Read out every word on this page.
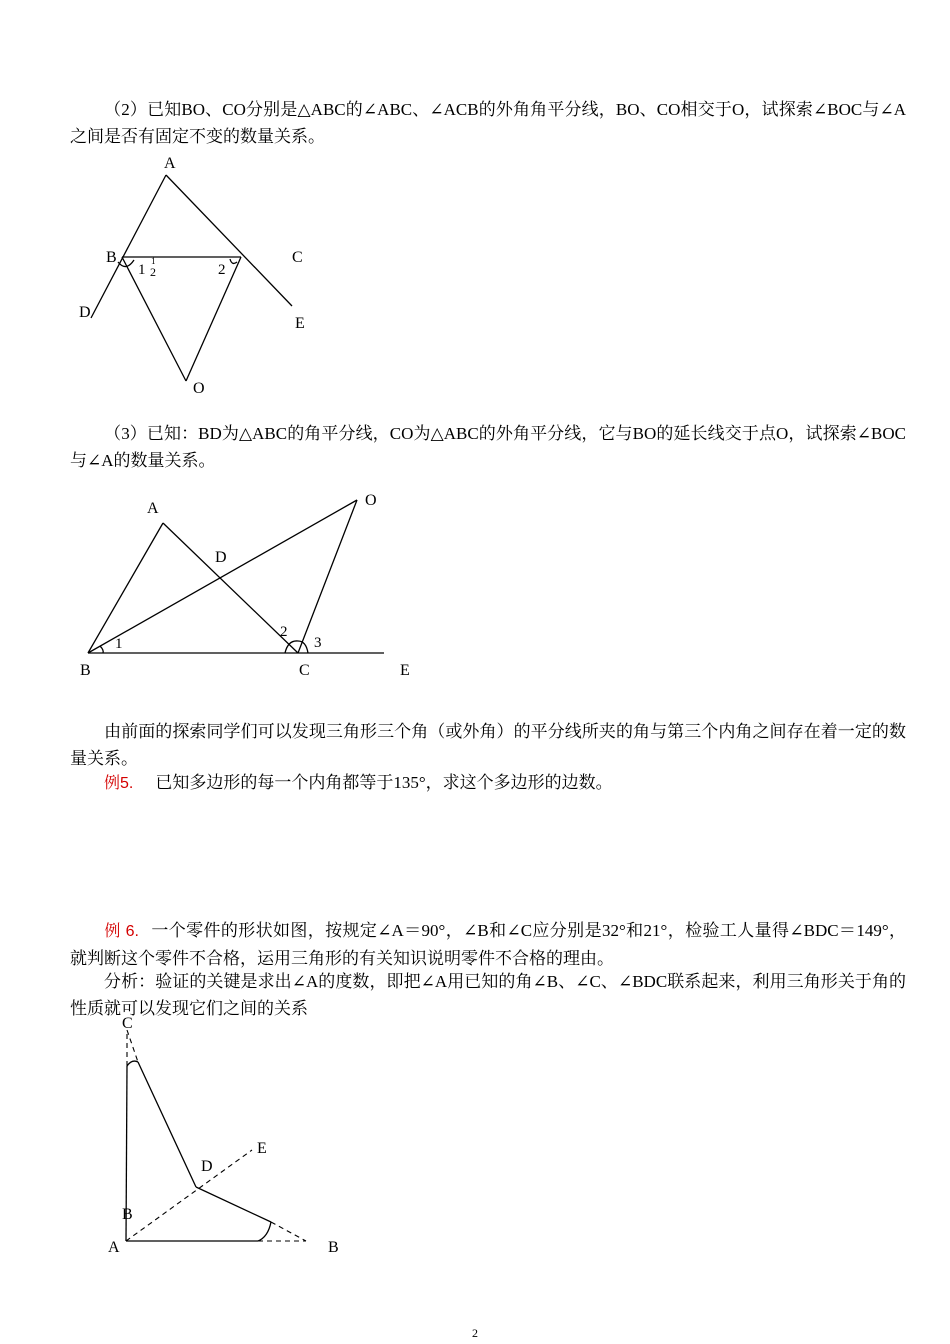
（2）已知BO、CO分别是△ABC的∠ABC、∠ACB的外角角平分线，BO、CO相交于O，试探索∠BOC与∠A之间是否有固定不变的数量关系。
A
B	C
D
E
O
1
1
2	2
（3）已知：BD为△ABC的角平分线，CO为△ABC的外角平分线，它与BO的延长线交于点O，试探索∠BOC与∠A的数量关系。
A
D
O
B	C	E
1
2
3
由前面的探索同学们可以发现三角形三个角（或外角）的平分线所夹的角与第三个内角之间存在着一定的数量关系。
例5. 已知多边形的每一个内角都等于135°，求这个多边形的边数。
例 6. 一个零件的形状如图，按规定∠A＝90°，∠B和∠C应分别是32°和21°，检验工人量得∠BDC＝149°，就判断这个零件不合格，运用三角形的有关知识说明零件不合格的理由。
分析：验证的关键是求出∠A的度数，即把∠A用已知的角∠B、∠C、∠BDC联系起来，利用三角形关于角的性质就可以发现它们之间的关系
C
E
D
B
A	B
2
